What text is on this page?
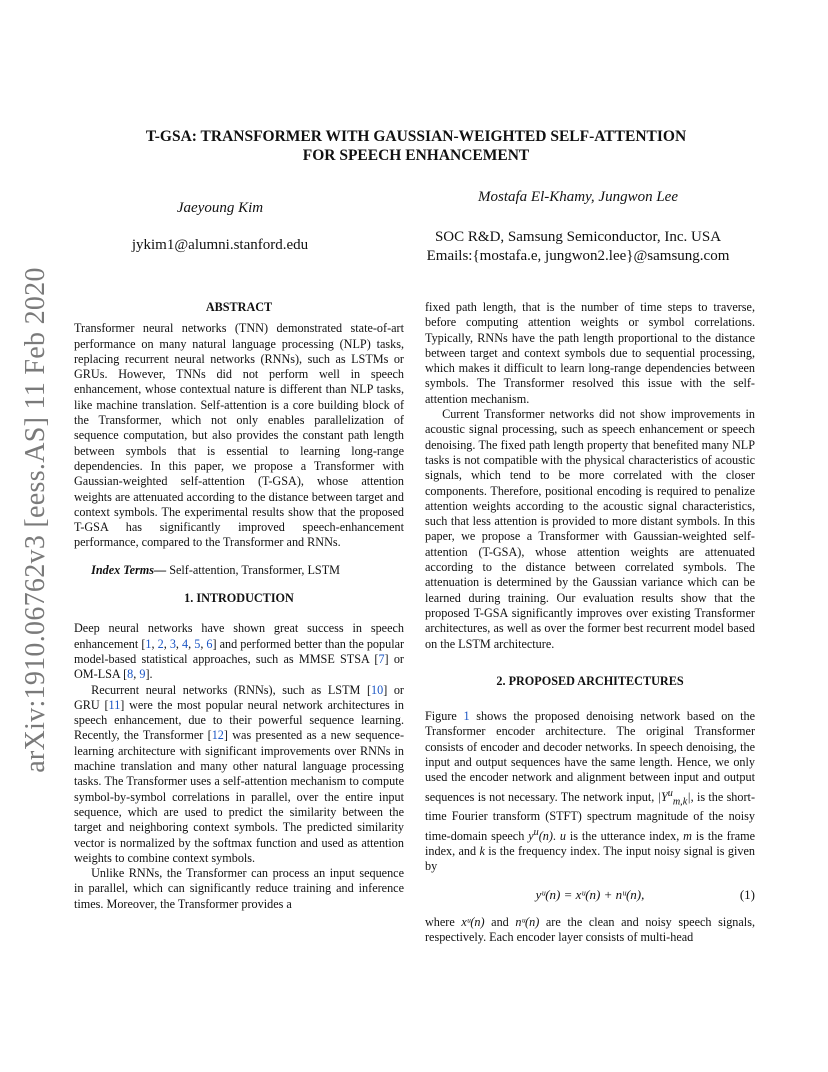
arXiv:1910.06762v3 [eess.AS] 11 Feb 2020
T-GSA: TRANSFORMER WITH GAUSSIAN-WEIGHTED SELF-ATTENTION
FOR SPEECH ENHANCEMENT
Jaeyoung Kim
jykim1@alumni.stanford.edu
Mostafa El-Khamy, Jungwon Lee
SOC R&D, Samsung Semiconductor, Inc. USA
Emails:{mostafa.e, jungwon2.lee}@samsung.com
ABSTRACT

Transformer neural networks (TNN) demonstrated state-of-art performance on many natural language processing (NLP) tasks, replacing recurrent neural networks (RNNs), such as LSTMs or GRUs. However, TNNs did not perform well in speech enhancement, whose contextual nature is different than NLP tasks, like machine translation. Self-attention is a core building block of the Transformer, which not only enables parallelization of sequence computation, but also provides the constant path length between symbols that is essential to learning long-range dependencies. In this paper, we propose a Transformer with Gaussian-weighted self-attention (T-GSA), whose attention weights are attenuated according to the distance between target and context symbols. The experimental results show that the proposed T-GSA has significantly improved speech-enhancement performance, compared to the Transformer and RNNs.

Index Terms— Self-attention, Transformer, LSTM

1. INTRODUCTION

Deep neural networks have shown great success in speech enhancement [1, 2, 3, 4, 5, 6] and performed better than the popular model-based statistical approaches, such as MMSE STSA [7] or OM-LSA [8, 9].

Recurrent neural networks (RNNs), such as LSTM [10] or GRU [11] were the most popular neural network architectures in speech enhancement, due to their powerful sequence learning. Recently, the Transformer [12] was presented as a new sequence-learning architecture with significant improvements over RNNs in machine translation and many other natural language processing tasks. The Transformer uses a self-attention mechanism to compute symbol-by-symbol correlations in parallel, over the entire input sequence, which are used to predict the similarity between the target and neighboring context symbols. The predicted similarity vector is normalized by the softmax function and used as attention weights to combine context symbols.

Unlike RNNs, the Transformer can process an input sequence in parallel, which can significantly reduce training and inference times. Moreover, the Transformer provides a

fixed path length, that is the number of time steps to traverse, before computing attention weights or symbol correlations. Typically, RNNs have the path length proportional to the distance between target and context symbols due to sequential processing, which makes it difficult to learn long-range dependencies between symbols. The Transformer resolved this issue with the self-attention mechanism.

Current Transformer networks did not show improvements in acoustic signal processing, such as speech enhancement or speech denoising. The fixed path length property that benefited many NLP tasks is not compatible with the physical characteristics of acoustic signals, which tend to be more correlated with the closer components. Therefore, positional encoding is required to penalize attention weights according to the acoustic signal characteristics, such that less attention is provided to more distant symbols. In this paper, we propose a Transformer with Gaussian-weighted self-attention (T-GSA), whose attention weights are attenuated according to the distance between correlated symbols. The attenuation is determined by the Gaussian variance which can be learned during training. Our evaluation results show that the proposed T-GSA significantly improves over existing Transformer architectures, as well as over the former best recurrent model based on the LSTM architecture.

2. PROPOSED ARCHITECTURES

Figure 1 shows the proposed denoising network based on the Transformer encoder architecture. The original Transformer consists of encoder and decoder networks. In speech denoising, the input and output sequences have the same length. Hence, we only used the encoder network and alignment between input and output sequences is not necessary. The network input, $|Y^u_{m,k}|$, is the short-time Fourier transform (STFT) spectrum magnitude of the noisy time-domain speech $y^u(n)$. u is the utterance index, m is the frame index, and k is the frequency index. The input noisy signal is given by

yᵘ(n) = xᵘ(n) + nᵘ(n),	(1)

where xᵘ(n) and nᵘ(n) are the clean and noisy speech signals, respectively. Each encoder layer consists of multi-head
